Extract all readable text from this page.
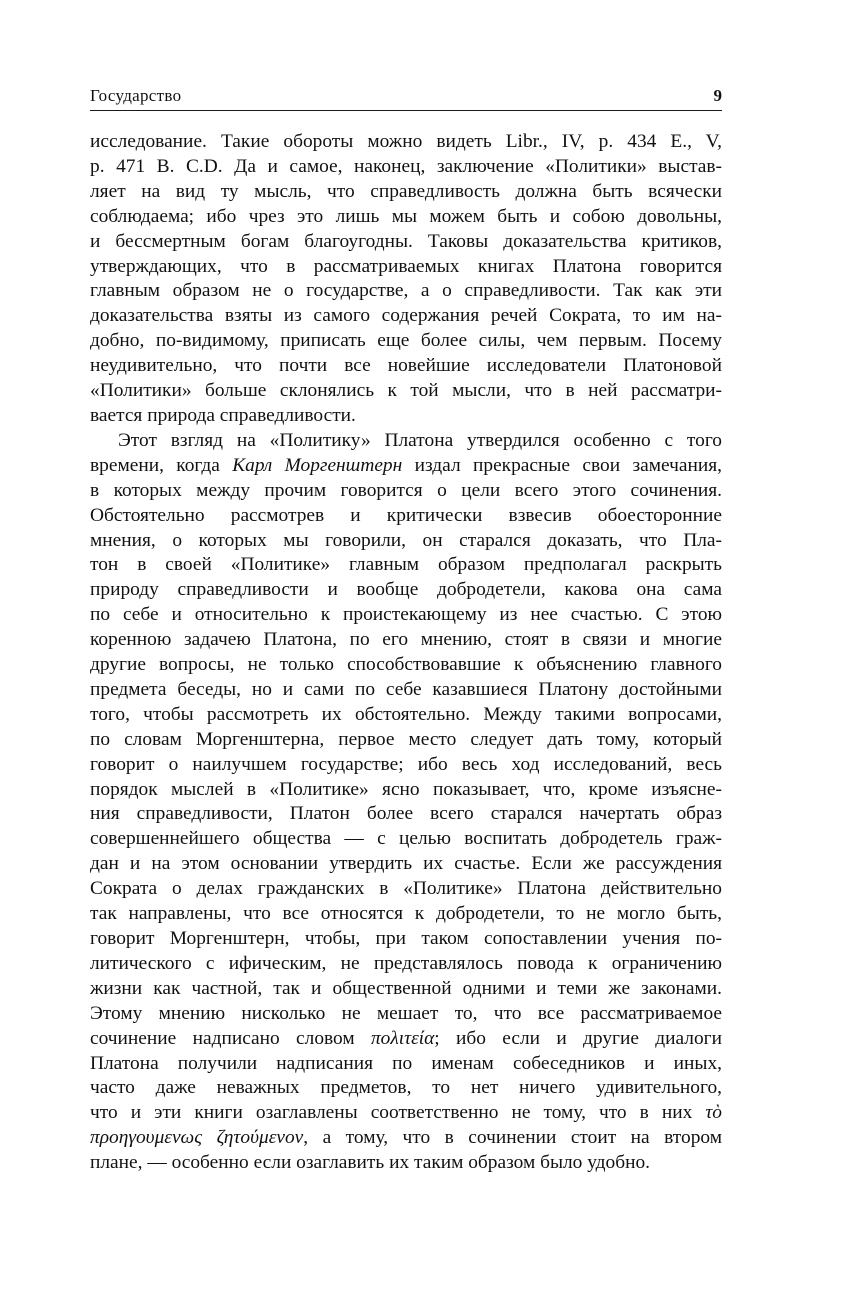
Государство	9
исследование. Такие обороты можно видеть Libr., IV, p. 434 E., V,
p. 471 B. C.D. Да и самое, наконец, заключение «Политики» выстав-
ляет на вид ту мысль, что справедливость должна быть всячески
соблюдаема; ибо чрез это лишь мы можем быть и собою довольны,
и бессмертным богам благоугодны. Таковы доказательства критиков,
утверждающих, что в рассматриваемых книгах Платона говорится
главным образом не о государстве, а о справедливости. Так как эти
доказательства взяты из самого содержания речей Сократа, то им на-
добно, по-видимому, приписать еще более силы, чем первым. Посему
неудивительно, что почти все новейшие исследователи Платоновой
«Политики» больше склонялись к той мысли, что в ней рассматри-
вается природа справедливости.
Этот взгляд на «Политику» Платона утвердился особенно с того
времени, когда Карл Моргенштерн издал прекрасные свои замечания,
в которых между прочим говорится о цели всего этого сочинения.
Обстоятельно рассмотрев и критически взвесив обоесторонние
мнения, о которых мы говорили, он старался доказать, что Пла-
тон в своей «Политике» главным образом предполагал раскрыть
природу справедливости и вообще добродетели, какова она сама
по себе и относительно к проистекающему из нее счастью. С этою
коренною задачею Платона, по его мнению, стоят в связи и многие
другие вопросы, не только способствовавшие к объяснению главного
предмета беседы, но и сами по себе казавшиеся Платону достойными
того, чтобы рассмотреть их обстоятельно. Между такими вопросами,
по словам Моргенштерна, первое место следует дать тому, который
говорит о наилучшем государстве; ибо весь ход исследований, весь
порядок мыслей в «Политике» ясно показывает, что, кроме изъясне-
ния справедливости, Платон более всего старался начертать образ
совершеннейшего общества — с целью воспитать добродетель граж-
дан и на этом основании утвердить их счастье. Если же рассуждения
Сократа о делах гражданских в «Политике» Платона действительно
так направлены, что все относятся к добродетели, то не могло быть,
говорит Моргенштерн, чтобы, при таком сопоставлении учения по-
литического с ифическим, не представлялось повода к ограничению
жизни как частной, так и общественной одними и теми же законами.
Этому мнению нисколько не мешает то, что все рассматриваемое
сочинение надписано словом πoλιτεία; ибо если и другие диалоги
Платона получили надписания по именам собеседников и иных,
часто даже неважных предметов, то нет ничего удивительного,
что и эти книги озаглавлены соответственно не тому, что в них τὸ
πρoηγoυμενως ζητoύμενoν, а тому, что в сочинении стоит на втором
плане, — особенно если озаглавить их таким образом было удобно.
